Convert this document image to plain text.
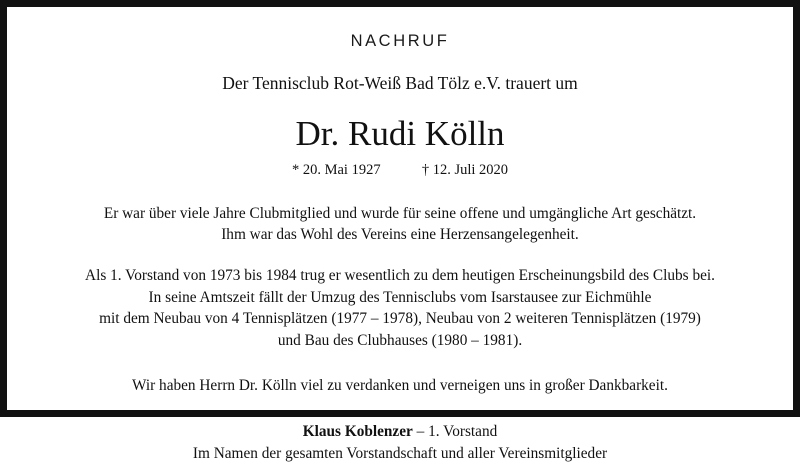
NACHRUF
Der Tennisclub Rot-Weiß Bad Tölz e.V. trauert um
Dr. Rudi Kölln
* 20. Mai 1927	† 12. Juli 2020
Er war über viele Jahre Clubmitglied und wurde für seine offene und umgängliche Art geschätzt.
Ihm war das Wohl des Vereins eine Herzensangelegenheit.
Als 1. Vorstand von 1973 bis 1984 trug er wesentlich zu dem heutigen Erscheinungsbild des Clubs bei.
In seine Amtszeit fällt der Umzug des Tennisclubs vom Isarstausee zur Eichmühle
mit dem Neubau von 4 Tennisplätzen (1977 – 1978), Neubau von 2 weiteren Tennisplätzen (1979)
und Bau des Clubhauses (1980 – 1981).
Wir haben Herrn Dr. Kölln viel zu verdanken und verneigen uns in großer Dankbarkeit.
Klaus Koblenzer – 1. Vorstand
Im Namen der gesamten Vorstandschaft und aller Vereinsmitglieder
